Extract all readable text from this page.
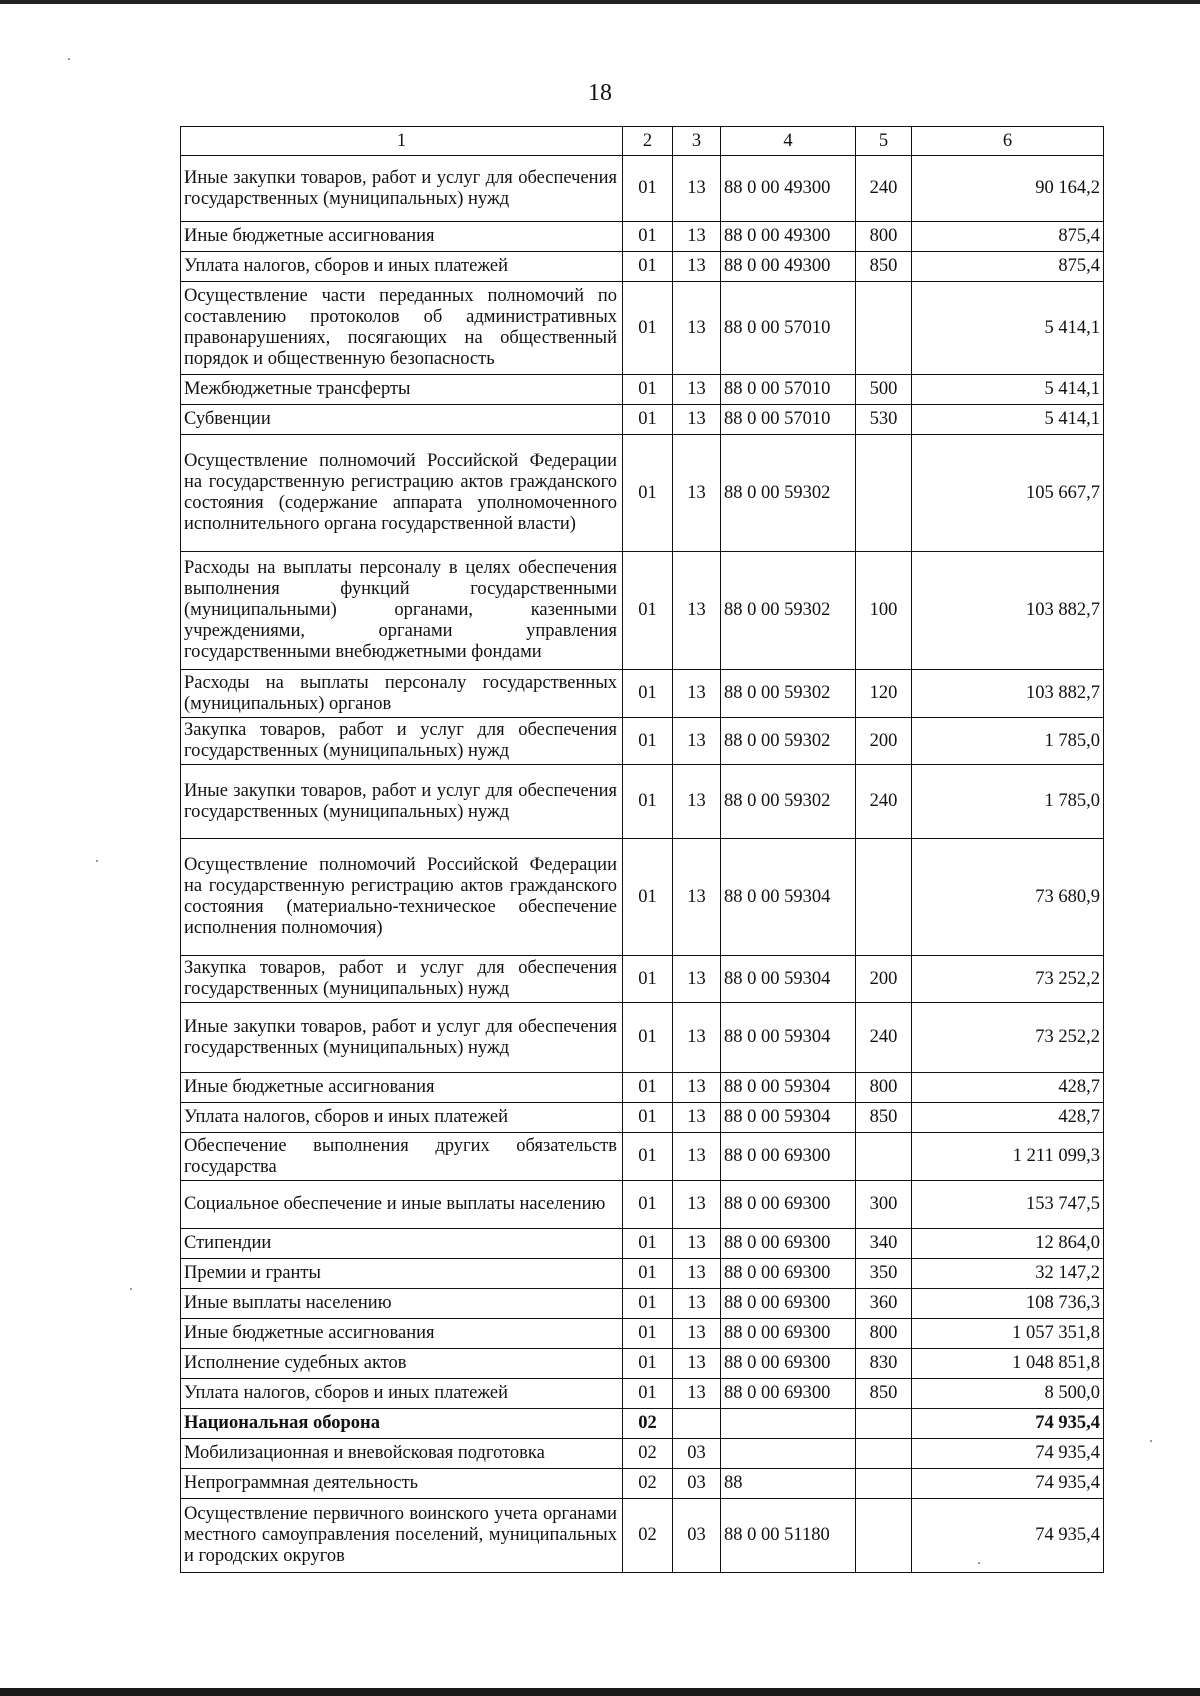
18
1	2	3	4	5	6
Иные закупки товаров, работ и услуг для обеспечения государственных (муниципальных) нужд	01	13	88 0 00 49300	240	90 164,2
Иные бюджетные ассигнования	01	13	88 0 00 49300	800	875,4
Уплата налогов, сборов и иных платежей	01	13	88 0 00 49300	850	875,4
Осуществление части переданных полномочий по составлению протоколов об административных правонарушениях, посягающих на общественный порядок и общественную безопасность	01	13	88 0 00 57010		5 414,1
Межбюджетные трансферты	01	13	88 0 00 57010	500	5 414,1
Субвенции	01	13	88 0 00 57010	530	5 414,1
Осуществление полномочий Российской Федерации на государственную регистрацию актов гражданского состояния (содержание аппарата уполномоченного исполнительного органа государственной власти)	01	13	88 0 00 59302		105 667,7
Расходы на выплаты персоналу в целях обеспечения выполнения функций государственными (муниципальными) органами, казенными учреждениями, органами управления государственными внебюджетными фондами	01	13	88 0 00 59302	100	103 882,7
Расходы на выплаты персоналу государственных (муниципальных) органов	01	13	88 0 00 59302	120	103 882,7
Закупка товаров, работ и услуг для обеспечения государственных (муниципальных) нужд	01	13	88 0 00 59302	200	1 785,0
Иные закупки товаров, работ и услуг для обеспечения государственных (муниципальных) нужд	01	13	88 0 00 59302	240	1 785,0
Осуществление полномочий Российской Федерации на государственную регистрацию актов гражданского состояния (материально-техническое обеспечение исполнения полномочия)	01	13	88 0 00 59304		73 680,9
Закупка товаров, работ и услуг для обеспечения государственных (муниципальных) нужд	01	13	88 0 00 59304	200	73 252,2
Иные закупки товаров, работ и услуг для обеспечения государственных (муниципальных) нужд	01	13	88 0 00 59304	240	73 252,2
Иные бюджетные ассигнования	01	13	88 0 00 59304	800	428,7
Уплата налогов, сборов и иных платежей	01	13	88 0 00 59304	850	428,7
Обеспечение выполнения других обязательств государства	01	13	88 0 00 69300		1 211 099,3
Социальное обеспечение и иные выплаты населению	01	13	88 0 00 69300	300	153 747,5
Стипендии	01	13	88 0 00 69300	340	12 864,0
Премии и гранты	01	13	88 0 00 69300	350	32 147,2
Иные выплаты населению	01	13	88 0 00 69300	360	108 736,3
Иные бюджетные ассигнования	01	13	88 0 00 69300	800	1 057 351,8
Исполнение судебных актов	01	13	88 0 00 69300	830	1 048 851,8
Уплата налогов, сборов и иных платежей	01	13	88 0 00 69300	850	8 500,0
Национальная оборона	02				74 935,4
Мобилизационная и вневойсковая подготовка	02	03			74 935,4
Непрограммная деятельность	02	03	88		74 935,4
Осуществление первичного воинского учета органами местного самоуправления поселений, муниципальных и городских округов	02	03	88 0 00 51180		74 935,4
